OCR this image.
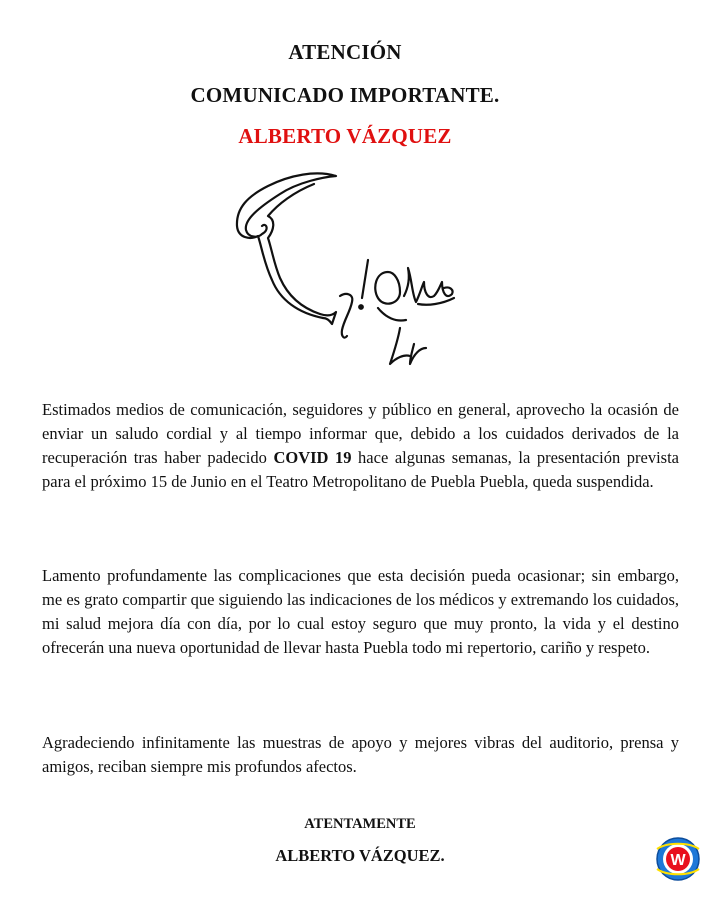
ATENCIÓN
COMUNICADO IMPORTANTE.
ALBERTO VÁZQUEZ

Estimados medios de comunicación, seguidores y público en general, aprovecho la ocasión de enviar un saludo cordial y al tiempo informar que, debido a los cuidados derivados de la recuperación tras haber padecido COVID 19 hace algunas semanas, la presentación prevista para el próximo 15 de Junio en el Teatro Metropolitano de Puebla Puebla, queda suspendida.

Lamento profundamente las complicaciones que esta decisión pueda ocasionar; sin embargo, me es grato compartir que siguiendo las indicaciones de los médicos y extremando los cuidados, mi salud mejora día con día, por lo cual estoy seguro que muy pronto, la vida y el destino ofrecerán una nueva oportunidad de llevar hasta Puebla todo mi repertorio, cariño y respeto.

Agradeciendo infinitamente las muestras de apoyo y mejores vibras del auditorio, prensa y amigos, reciban siempre mis profundos afectos.

ATENTAMENTE

ALBERTO VÁZQUEZ.	W
